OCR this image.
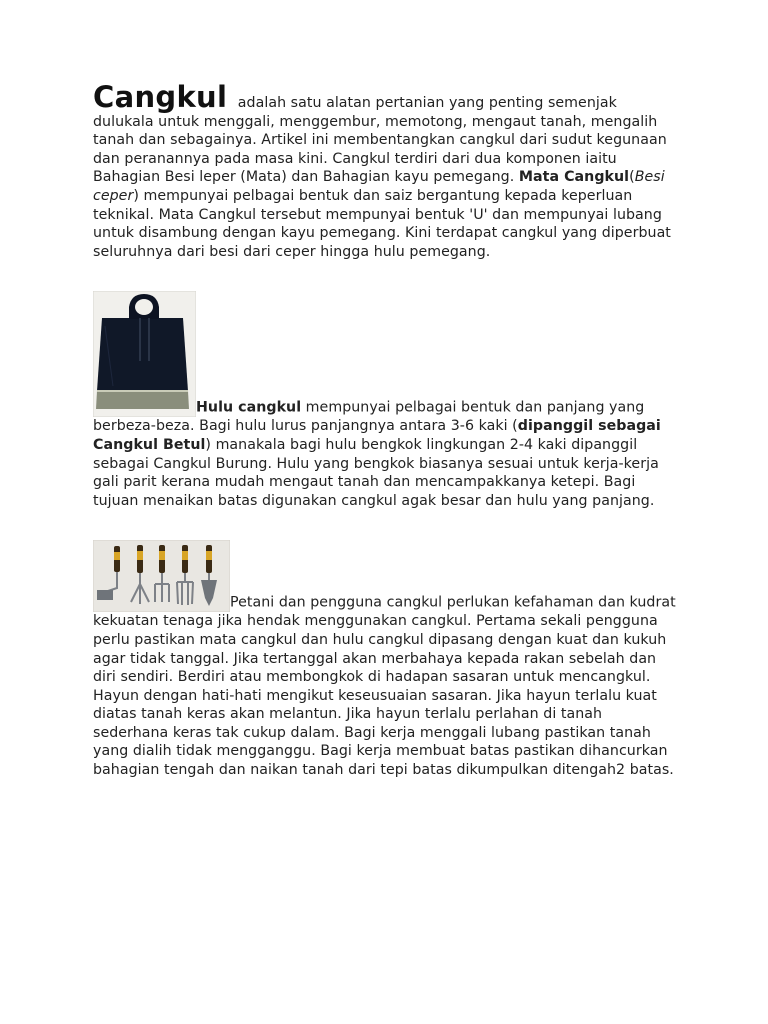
Cangkul adalah satu alatan pertanian yang penting semenjak dulukala untuk menggali, menggembur, memotong, mengaut tanah, mengalih tanah dan sebagainya. Artikel ini membentangkan cangkul dari sudut kegunaan dan peranannya pada masa kini. Cangkul terdiri dari dua komponen iaitu Bahagian Besi leper (Mata) dan Bahagian kayu pemegang. Mata Cangkul(Besi ceper) mempunyai pelbagai bentuk dan saiz bergantung kepada keperluan teknikal. Mata Cangkul tersebut mempunyai bentuk 'U' dan mempunyai lubang untuk disambung dengan kayu pemegang. Kini terdapat cangkul yang diperbuat seluruhnya dari besi dari ceper hingga hulu pemegang.

Hulu cangkul mempunyai pelbagai bentuk dan panjang yang berbeza-beza. Bagi hulu lurus panjangnya antara 3-6 kaki (dipanggil sebagai Cangkul Betul) manakala bagi hulu bengkok lingkungan 2-4 kaki dipanggil sebagai Cangkul Burung. Hulu yang bengkok biasanya sesuai untuk kerja-kerja gali parit kerana mudah mengaut tanah dan mencampakkanya ketepi. Bagi tujuan menaikan batas digunakan cangkul agak besar dan hulu yang panjang.

Petani dan pengguna cangkul perlukan kefahaman dan kudrat kekuatan tenaga jika hendak menggunakan cangkul. Pertama sekali pengguna perlu pastikan mata cangkul dan hulu cangkul dipasang dengan kuat dan kukuh agar tidak tanggal. Jika tertanggal akan merbahaya kepada rakan sebelah dan diri sendiri. Berdiri atau membongkok di hadapan sasaran untuk mencangkul. Hayun dengan hati-hati mengikut keseusuaian sasaran. Jika hayun terlalu kuat diatas tanah keras akan melantun. Jika hayun terlalu perlahan di tanah sederhana keras tak cukup dalam. Bagi kerja menggali lubang pastikan tanah yang dialih tidak mengganggu. Bagi kerja membuat batas pastikan dihancurkan bahagian tengah dan naikan tanah dari tepi batas dikumpulkan ditengah2 batas.
